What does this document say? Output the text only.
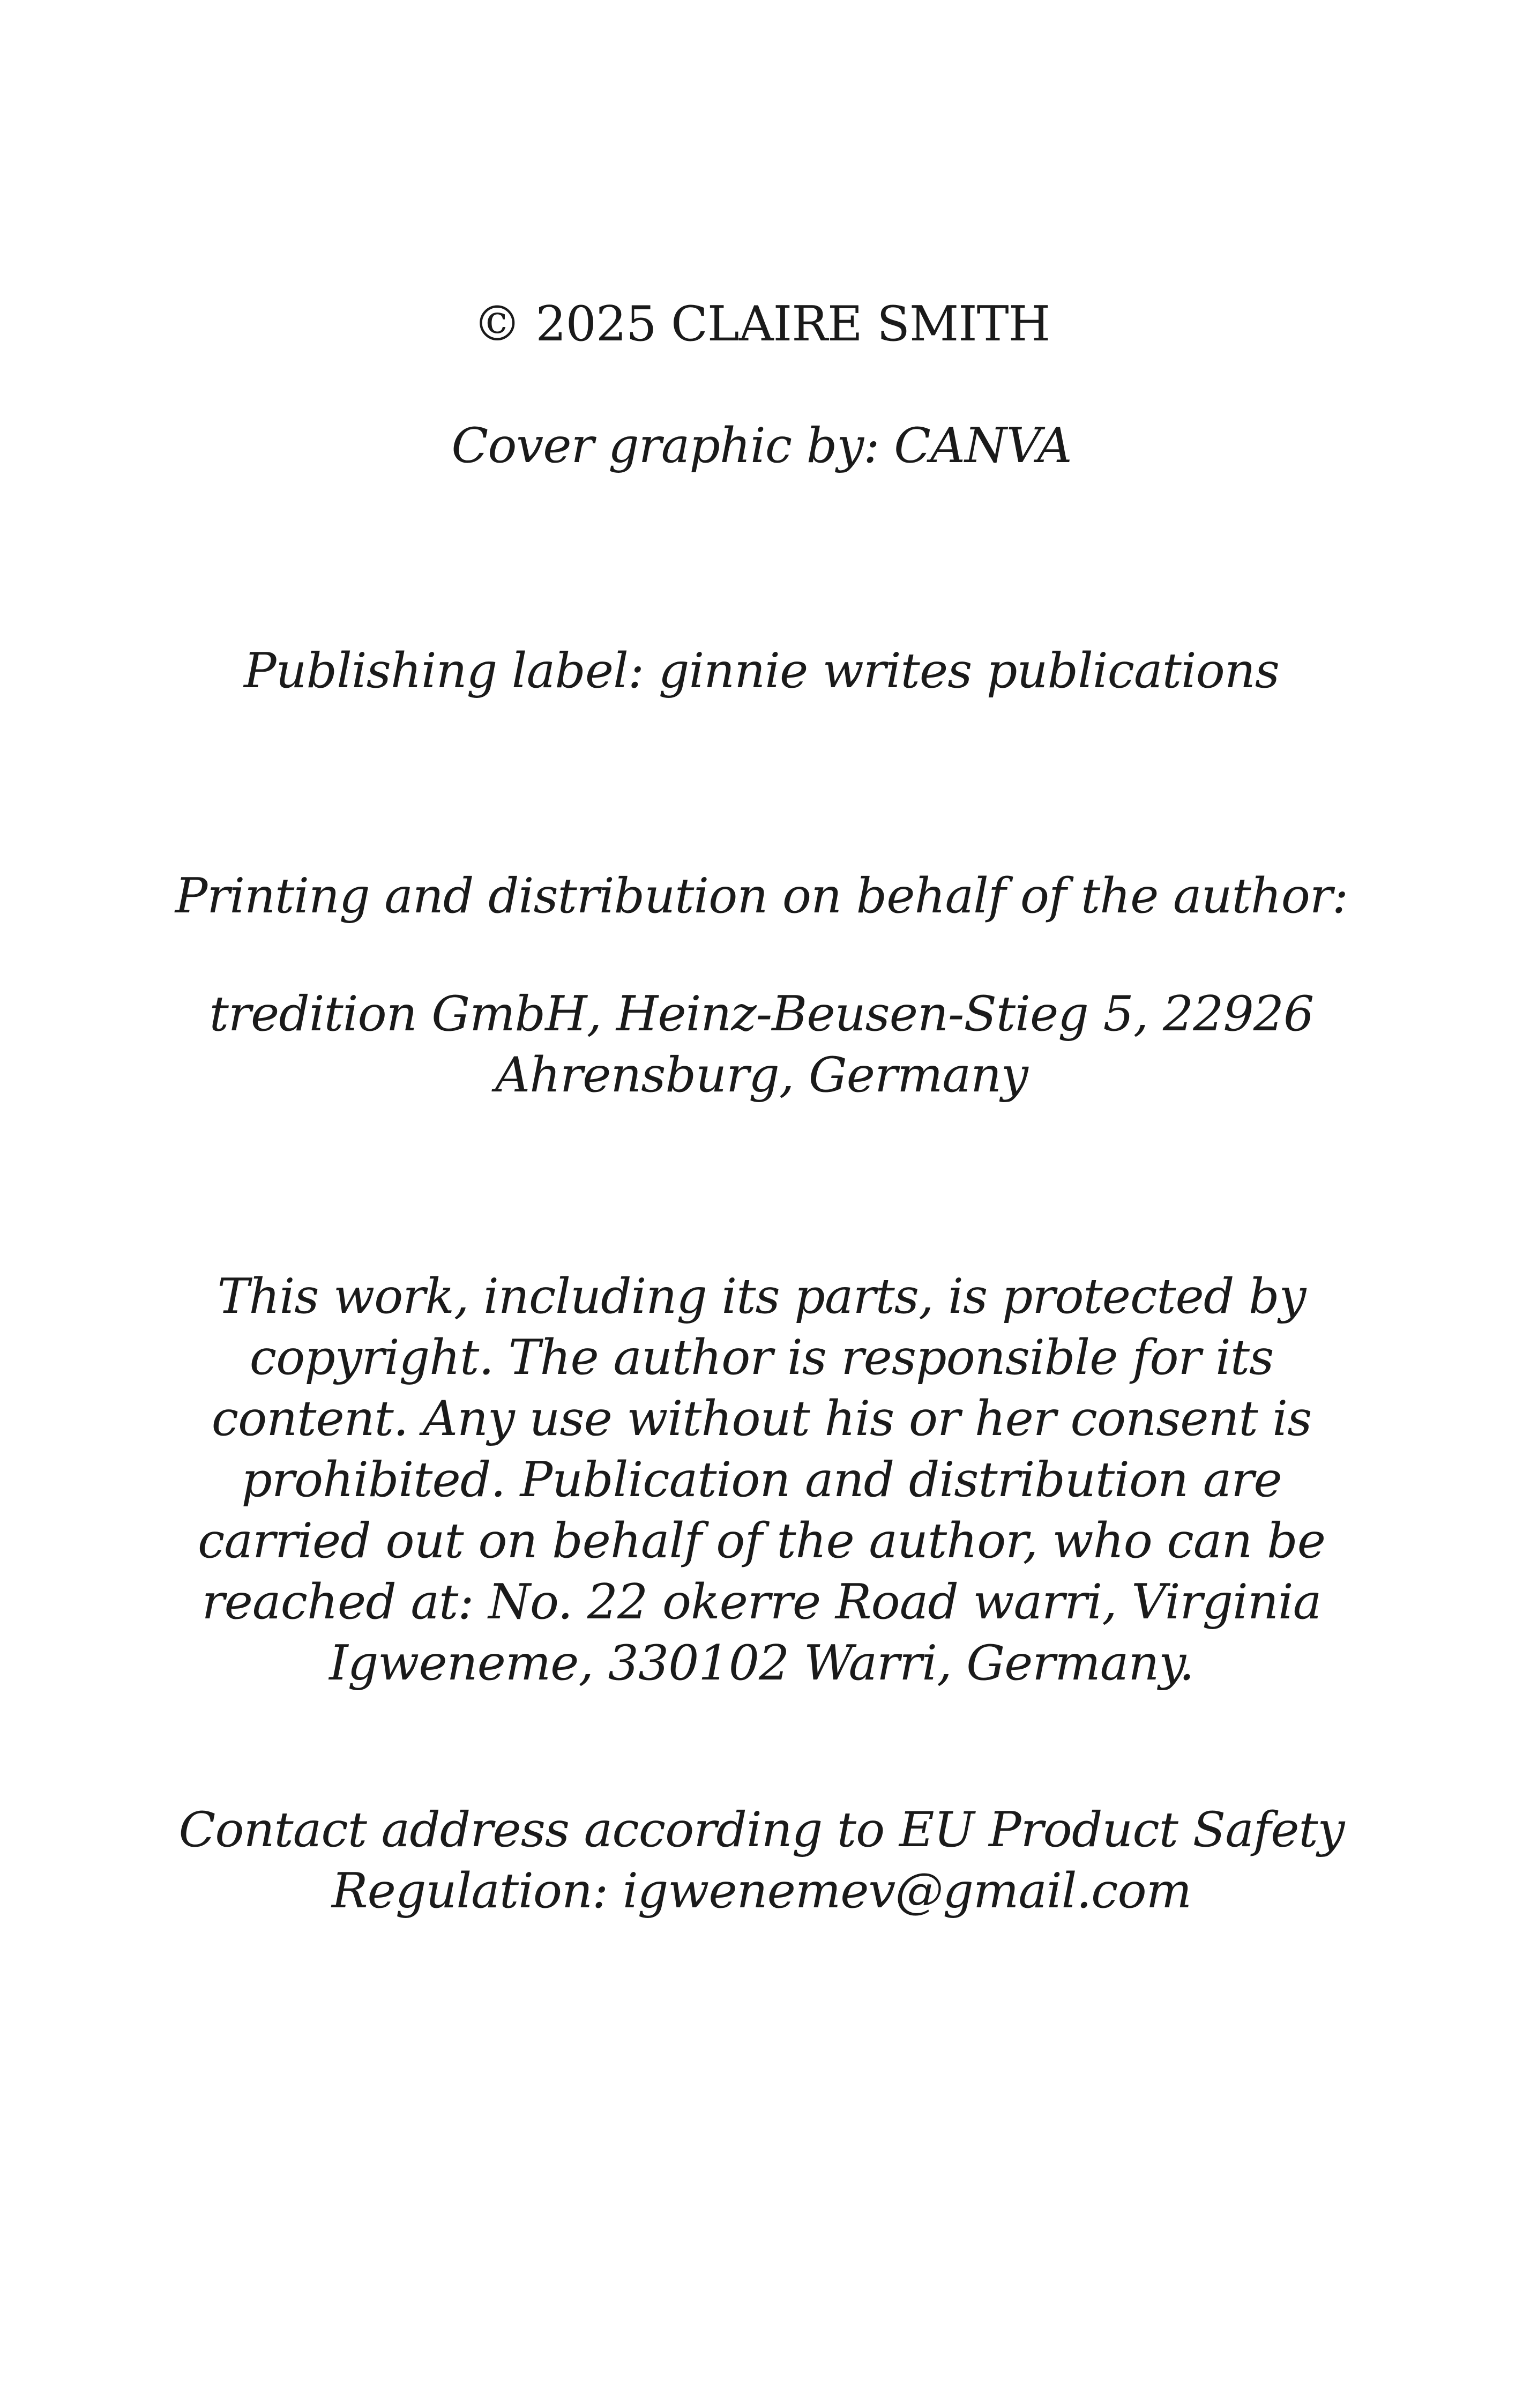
© 2025 CLAIRE SMITH
Cover graphic by: CANVA
Publishing label: ginnie writes publications
Printing and distribution on behalf of the author:
tredition GmbH, Heinz-Beusen-Stieg 5, 22926 Ahrensburg, Germany
This work, including its parts, is protected by copyright. The author is responsible for its content. Any use without his or her consent is prohibited. Publication and distribution are carried out on behalf of the author, who can be reached at: No. 22 okerre Road warri, Virginia Igweneme, 330102 Warri, Germany.
Contact address according to EU Product Safety Regulation: igwenemev@gmail.com
